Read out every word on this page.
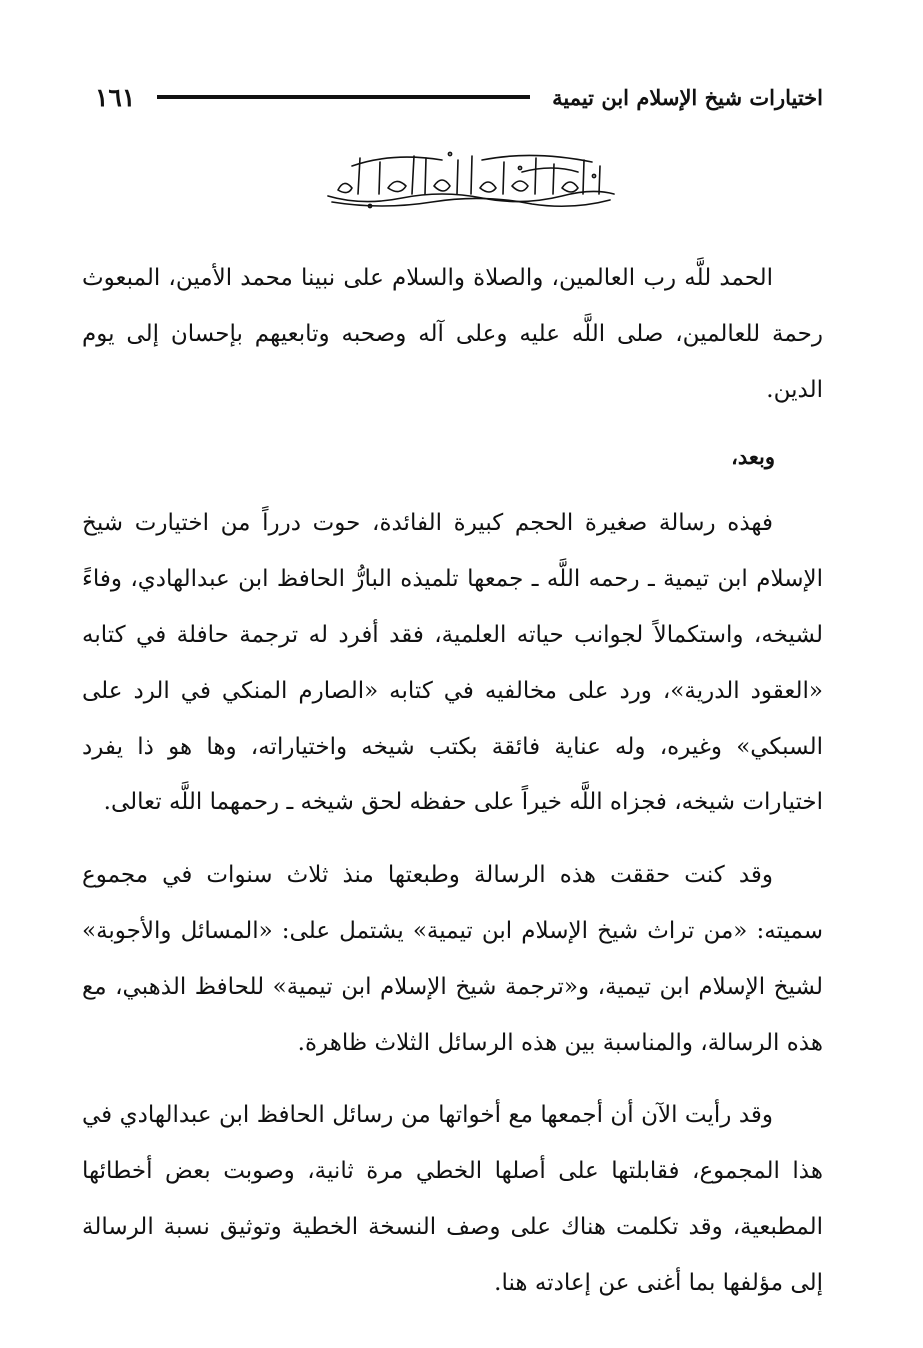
اختيارات شيخ الإسلام ابن تيمية
١٦١

الحمد للَّه رب العالمين، والصلاة والسلام على نبينا محمد الأمين، المبعوث رحمة للعالمين، صلى اللَّه عليه وعلى آله وصحبه وتابعيهم بإحسان إلى يوم الدين.

وبعد،

فهذه رسالة صغيرة الحجم كبيرة الفائدة، حوت درراً من اختيارت شيخ الإسلام ابن تيمية ـ رحمه اللَّه ـ جمعها تلميذه البارُّ الحافظ ابن عبدالهادي، وفاءً لشيخه، واستكمالاً لجوانب حياته العلمية، فقد أفرد له ترجمة حافلة في كتابه «العقود الدرية»، ورد على مخالفيه في كتابه «الصارم المنكي في الرد على السبكي» وغيره، وله عناية فائقة بكتب شيخه واختياراته، وها هو ذا يفرد اختيارات شيخه، فجزاه اللَّه خيراً على حفظه لحق شيخه ـ رحمهما اللَّه تعالى.

وقد كنت حققت هذه الرسالة وطبعتها منذ ثلاث سنوات في مجموع سميته: «من تراث شيخ الإسلام ابن تيمية» يشتمل على: «المسائل والأجوبة» لشيخ الإسلام ابن تيمية، و«ترجمة شيخ الإسلام ابن تيمية» للحافظ الذهبي، مع هذه الرسالة، والمناسبة بين هذه الرسائل الثلاث ظاهرة.

وقد رأيت الآن أن أجمعها مع أخواتها من رسائل الحافظ ابن عبدالهادي في هذا المجموع، فقابلتها على أصلها الخطي مرة ثانية، وصوبت بعض أخطائها المطبعية، وقد تكلمت هناك على وصف النسخة الخطية وتوثيق نسبة الرسالة إلى مؤلفها بما أغنى عن إعادته هنا.
